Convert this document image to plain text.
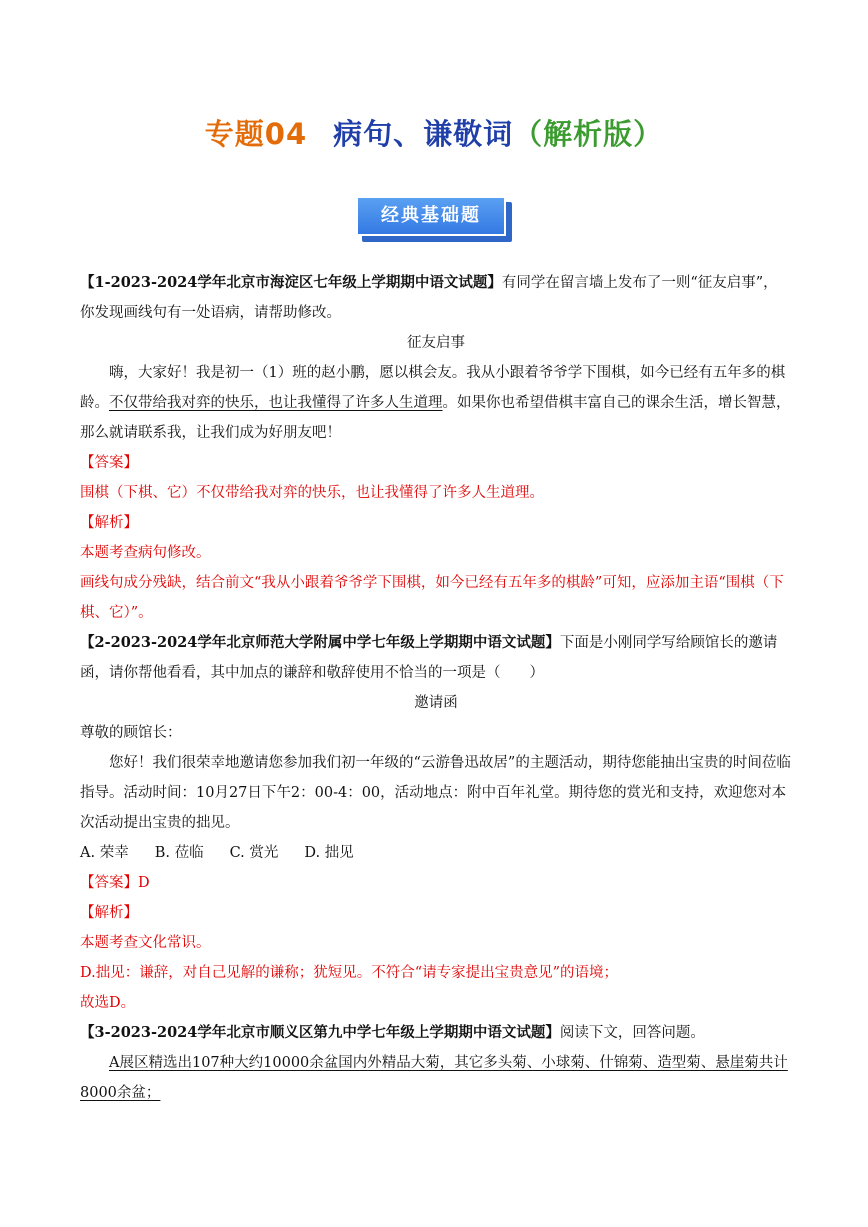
专题04 病句、谦敬词（解析版）
经典基础题

【1-2023-2024学年北京市海淀区七年级上学期期中语文试题】有同学在留言墙上发布了一则“征友启事”，你发现画线句有一处语病，请帮助修改。

征友启事

嗨，大家好！我是初一（1）班的赵小鹏，愿以棋会友。我从小跟着爷爷学下围棋，如今已经有五年多的棋龄。不仅带给我对弈的快乐，也让我懂得了许多人生道理。如果你也希望借棋丰富自己的课余生活，增长智慧，那么就请联系我，让我们成为好朋友吧！

【答案】

围棋（下棋、它）不仅带给我对弈的快乐，也让我懂得了许多人生道理。

【解析】

本题考查病句修改。

画线句成分残缺，结合前文“我从小跟着爷爷学下围棋，如今已经有五年多的棋龄”可知，应添加主语“围棋（下棋、它）”。

【2-2023-2024学年北京师范大学附属中学七年级上学期期中语文试题】下面是小刚同学写给顾馆长的邀请函，请你帮他看看，其中加点的谦辞和敬辞使用不恰当的一项是（　　）

邀请函

尊敬的顾馆长：

您好！我们很荣幸地邀请您参加我们初一年级的“云游鲁迅故居”的主题活动，期待您能抽出宝贵的时间莅临指导。活动时间：10月27日下午2：00-4：00，活动地点：附中百年礼堂。期待您的赏光和支持，欢迎您对本次活动提出宝贵的拙见。

A. 荣幸 B. 莅临 C. 赏光 D. 拙见

【答案】D

【解析】

本题考查文化常识。

D.拙见：谦辞，对自己见解的谦称；犹短见。不符合“请专家提出宝贵意见”的语境；

故选D。

【3-2023-2024学年北京市顺义区第九中学七年级上学期期中语文试题】阅读下文，回答问题。

A展区精选出107种大约10000余盆国内外精品大菊，其它多头菊、小球菊、什锦菊、造型菊、悬崖菊共计8000余盆；
